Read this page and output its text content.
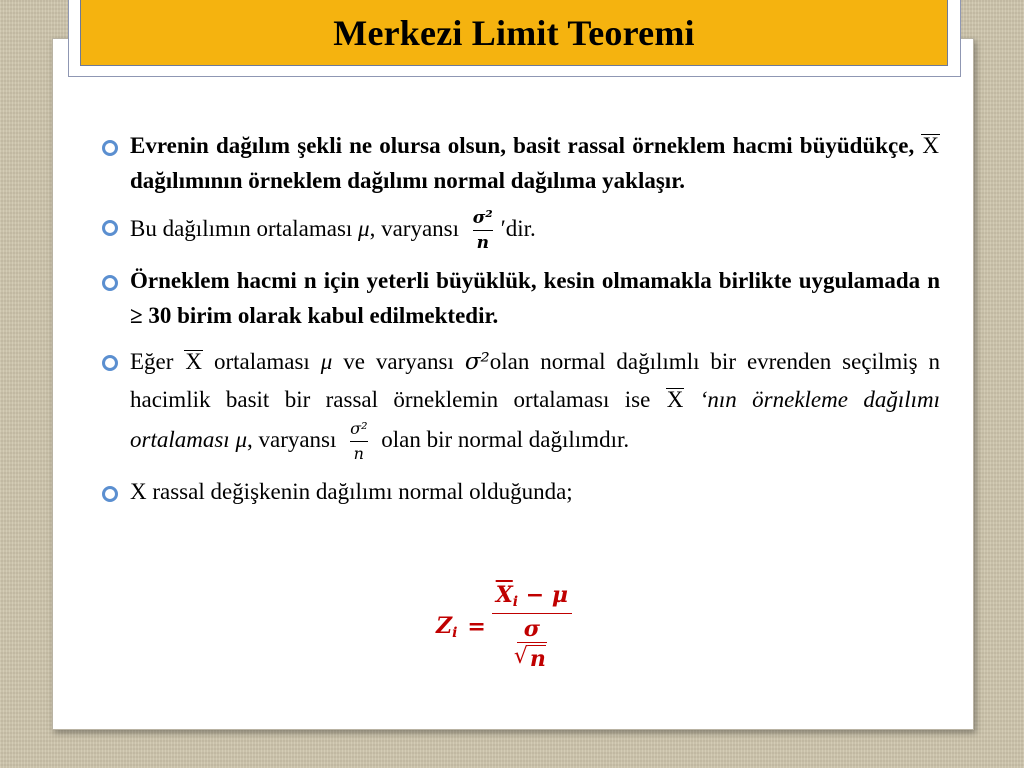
Merkezi Limit Teoremi
Evrenin dağılım şekli ne olursa olsun, basit rassal örneklem hacmi büyüdükçe, X dağılımının örneklem dağılımı normal dağılıma yaklaşır.
Bu dağılımın ortalaması μ, varyansı $\frac{\text{σ²}}{n} 'dir$.
Örneklem hacmi n için yeterli büyüklük, kesin olmamakla birlikte uygulamada n ≥ 30 birim olarak kabul edilmektedir.
Eğer X ortalaması μ ve varyansı σ²olan normal dağılımlı bir evrenden seçilmiş n hacimlik basit bir rassal örneklemin ortalaması ise X ‘nın örnekleme dağılımı ortalaması μ, varyansı $\frac{\text{σ²}}{n}$ olan bir normal dağılımdır.
X rassal değişkenin dağılımı normal olduğunda;
$Z_i$ =
$\overline{X}_i - \mu$
σ
√ n
